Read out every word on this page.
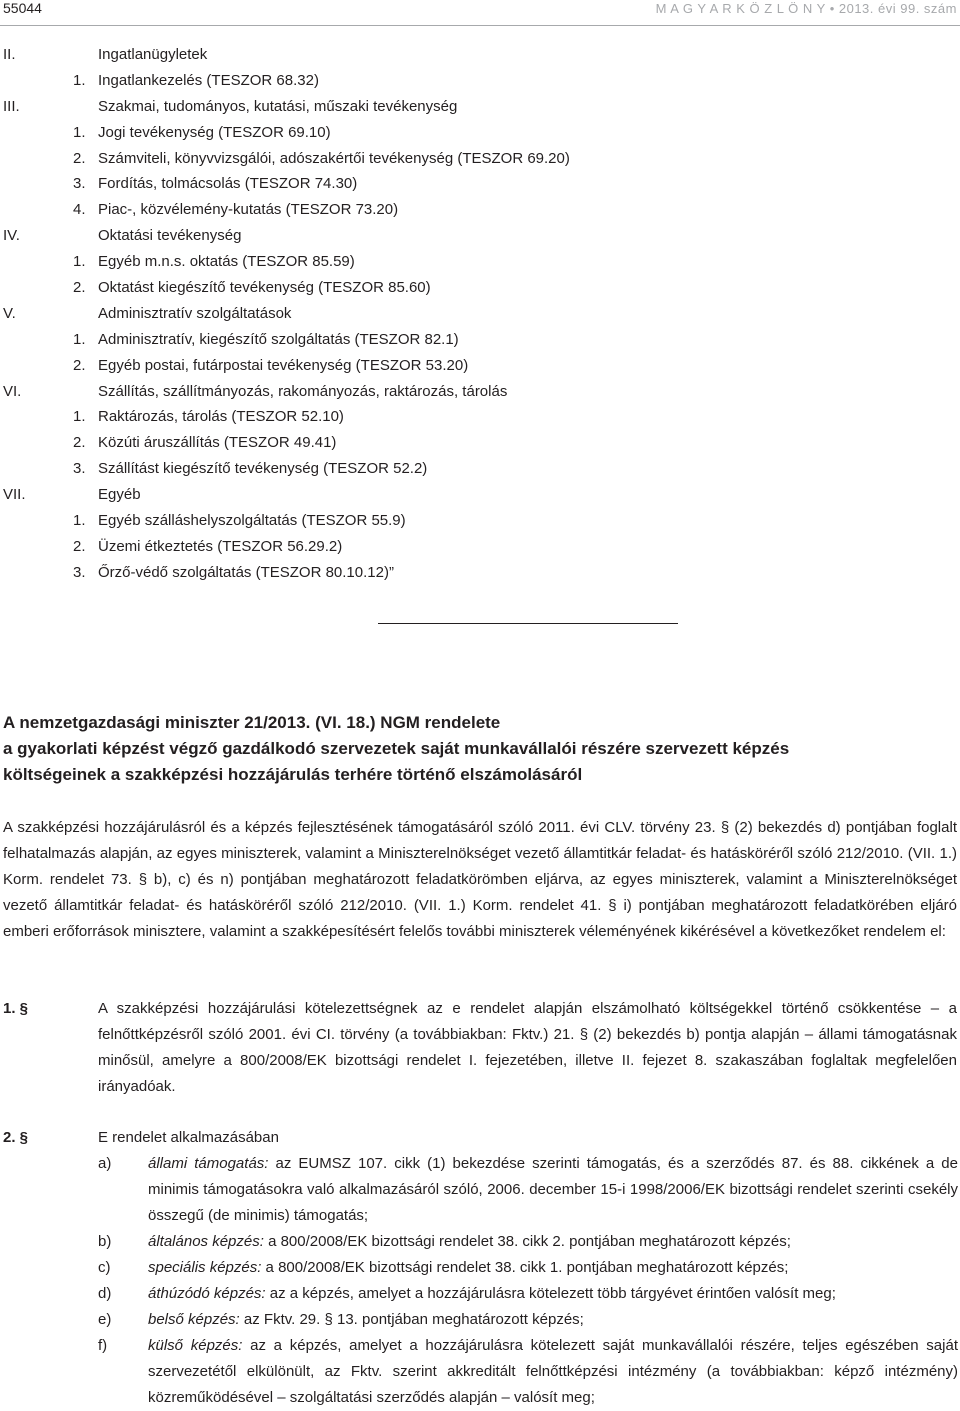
55044	M A G Y A R K Ö Z L Ö N Y • 2013. évi 99. szám
II.	Ingatlanügyletek
1. Ingatlankezelés (TESZOR 68.32)
III.	Szakmai, tudományos, kutatási, műszaki tevékenység
1. Jogi tevékenység (TESZOR 69.10)
2. Számviteli, könyvvizsgálói, adószakértői tevékenység (TESZOR 69.20)
3. Fordítás, tolmácsolás (TESZOR 74.30)
4. Piac-, közvélemény-kutatás (TESZOR 73.20)
IV.	Oktatási tevékenység
1. Egyéb m.n.s. oktatás (TESZOR 85.59)
2. Oktatást kiegészítő tevékenység (TESZOR 85.60)
V.	Adminisztratív szolgáltatások
1. Adminisztratív, kiegészítő szolgáltatás (TESZOR 82.1)
2. Egyéb postai, futárpostai tevékenység (TESZOR 53.20)
VI.	Szállítás, szállítmányozás, rakományozás, raktározás, tárolás
1. Raktározás, tárolás (TESZOR 52.10)
2. Közúti áruszállítás (TESZOR 49.41)
3. Szállítást kiegészítő tevékenység (TESZOR 52.2)
VII.	Egyéb
1. Egyéb szálláshelyszolgáltatás (TESZOR 55.9)
2. Üzemi étkeztetés (TESZOR 56.29.2)
3. Őrző-védő szolgáltatás (TESZOR 80.10.12)”
A nemzetgazdasági miniszter 21/2013. (VI. 18.) NGM rendelete
a gyakorlati képzést végző gazdálkodó szervezetek saját munkavállalói részére szervezett képzés
költségeinek a szakképzési hozzájárulás terhére történő elszámolásáról
A szakképzési hozzájárulásról és a képzés fejlesztésének támogatásáról szóló 2011. évi CLV. törvény 23. § (2) bekezdés d) pontjában foglalt felhatalmazás alapján, az egyes miniszterek, valamint a Miniszterelnökséget vezető államtitkár feladat- és hatásköréről szóló 212/2010. (VII. 1.) Korm. rendelet 73. § b), c) és n) pontjában meghatározott feladatkörömben eljárva, az egyes miniszterek, valamint a Miniszterelnökséget vezető államtitkár feladat- és hatásköréről szóló 212/2010. (VII. 1.) Korm. rendelet 41. § i) pontjában meghatározott feladatkörében eljáró emberi erőforrások minisztere, valamint a szakképesítésért felelős további miniszterek véleményének kikérésével a következőket rendelem el:
1. §	A szakképzési hozzájárulási kötelezettségnek az e rendelet alapján elszámolható költségekkel történő csökkentése – a felnőttképzésről szóló 2001. évi CI. törvény (a továbbiakban: Fktv.) 21. § (2) bekezdés b) pontja alapján – állami támogatásnak minősül, amelyre a 800/2008/EK bizottsági rendelet I. fejezetében, illetve II. fejezet 8. szakaszában foglaltak megfelelően irányadóak.
2. §	E rendelet alkalmazásában
a) állami támogatás: az EUMSZ 107. cikk (1) bekezdése szerinti támogatás, és a szerződés 87. és 88. cikkének a de minimis támogatásokra való alkalmazásáról szóló, 2006. december 15-i 1998/2006/EK bizottsági rendelet szerinti csekély összegű (de minimis) támogatás;
b) általános képzés: a 800/2008/EK bizottsági rendelet 38. cikk 2. pontjában meghatározott képzés;
c)	speciális képzés: a 800/2008/EK bizottsági rendelet 38. cikk 1. pontjában meghatározott képzés;
d) áthúzódó képzés: az a képzés, amelyet a hozzájárulásra kötelezett több tárgyévet érintően valósít meg;
e) belső képzés: az Fktv. 29. § 13. pontjában meghatározott képzés;
f)	külső képzés: az a képzés, amelyet a hozzájárulásra kötelezett saját munkavállalói részére, teljes egészében saját szervezetétől elkülönült, az Fktv. szerint akkreditált felnőttképzési intézmény (a továbbiakban: képző intézmény) közreműködésével – szolgáltatási szerződés alapján – valósít meg;
